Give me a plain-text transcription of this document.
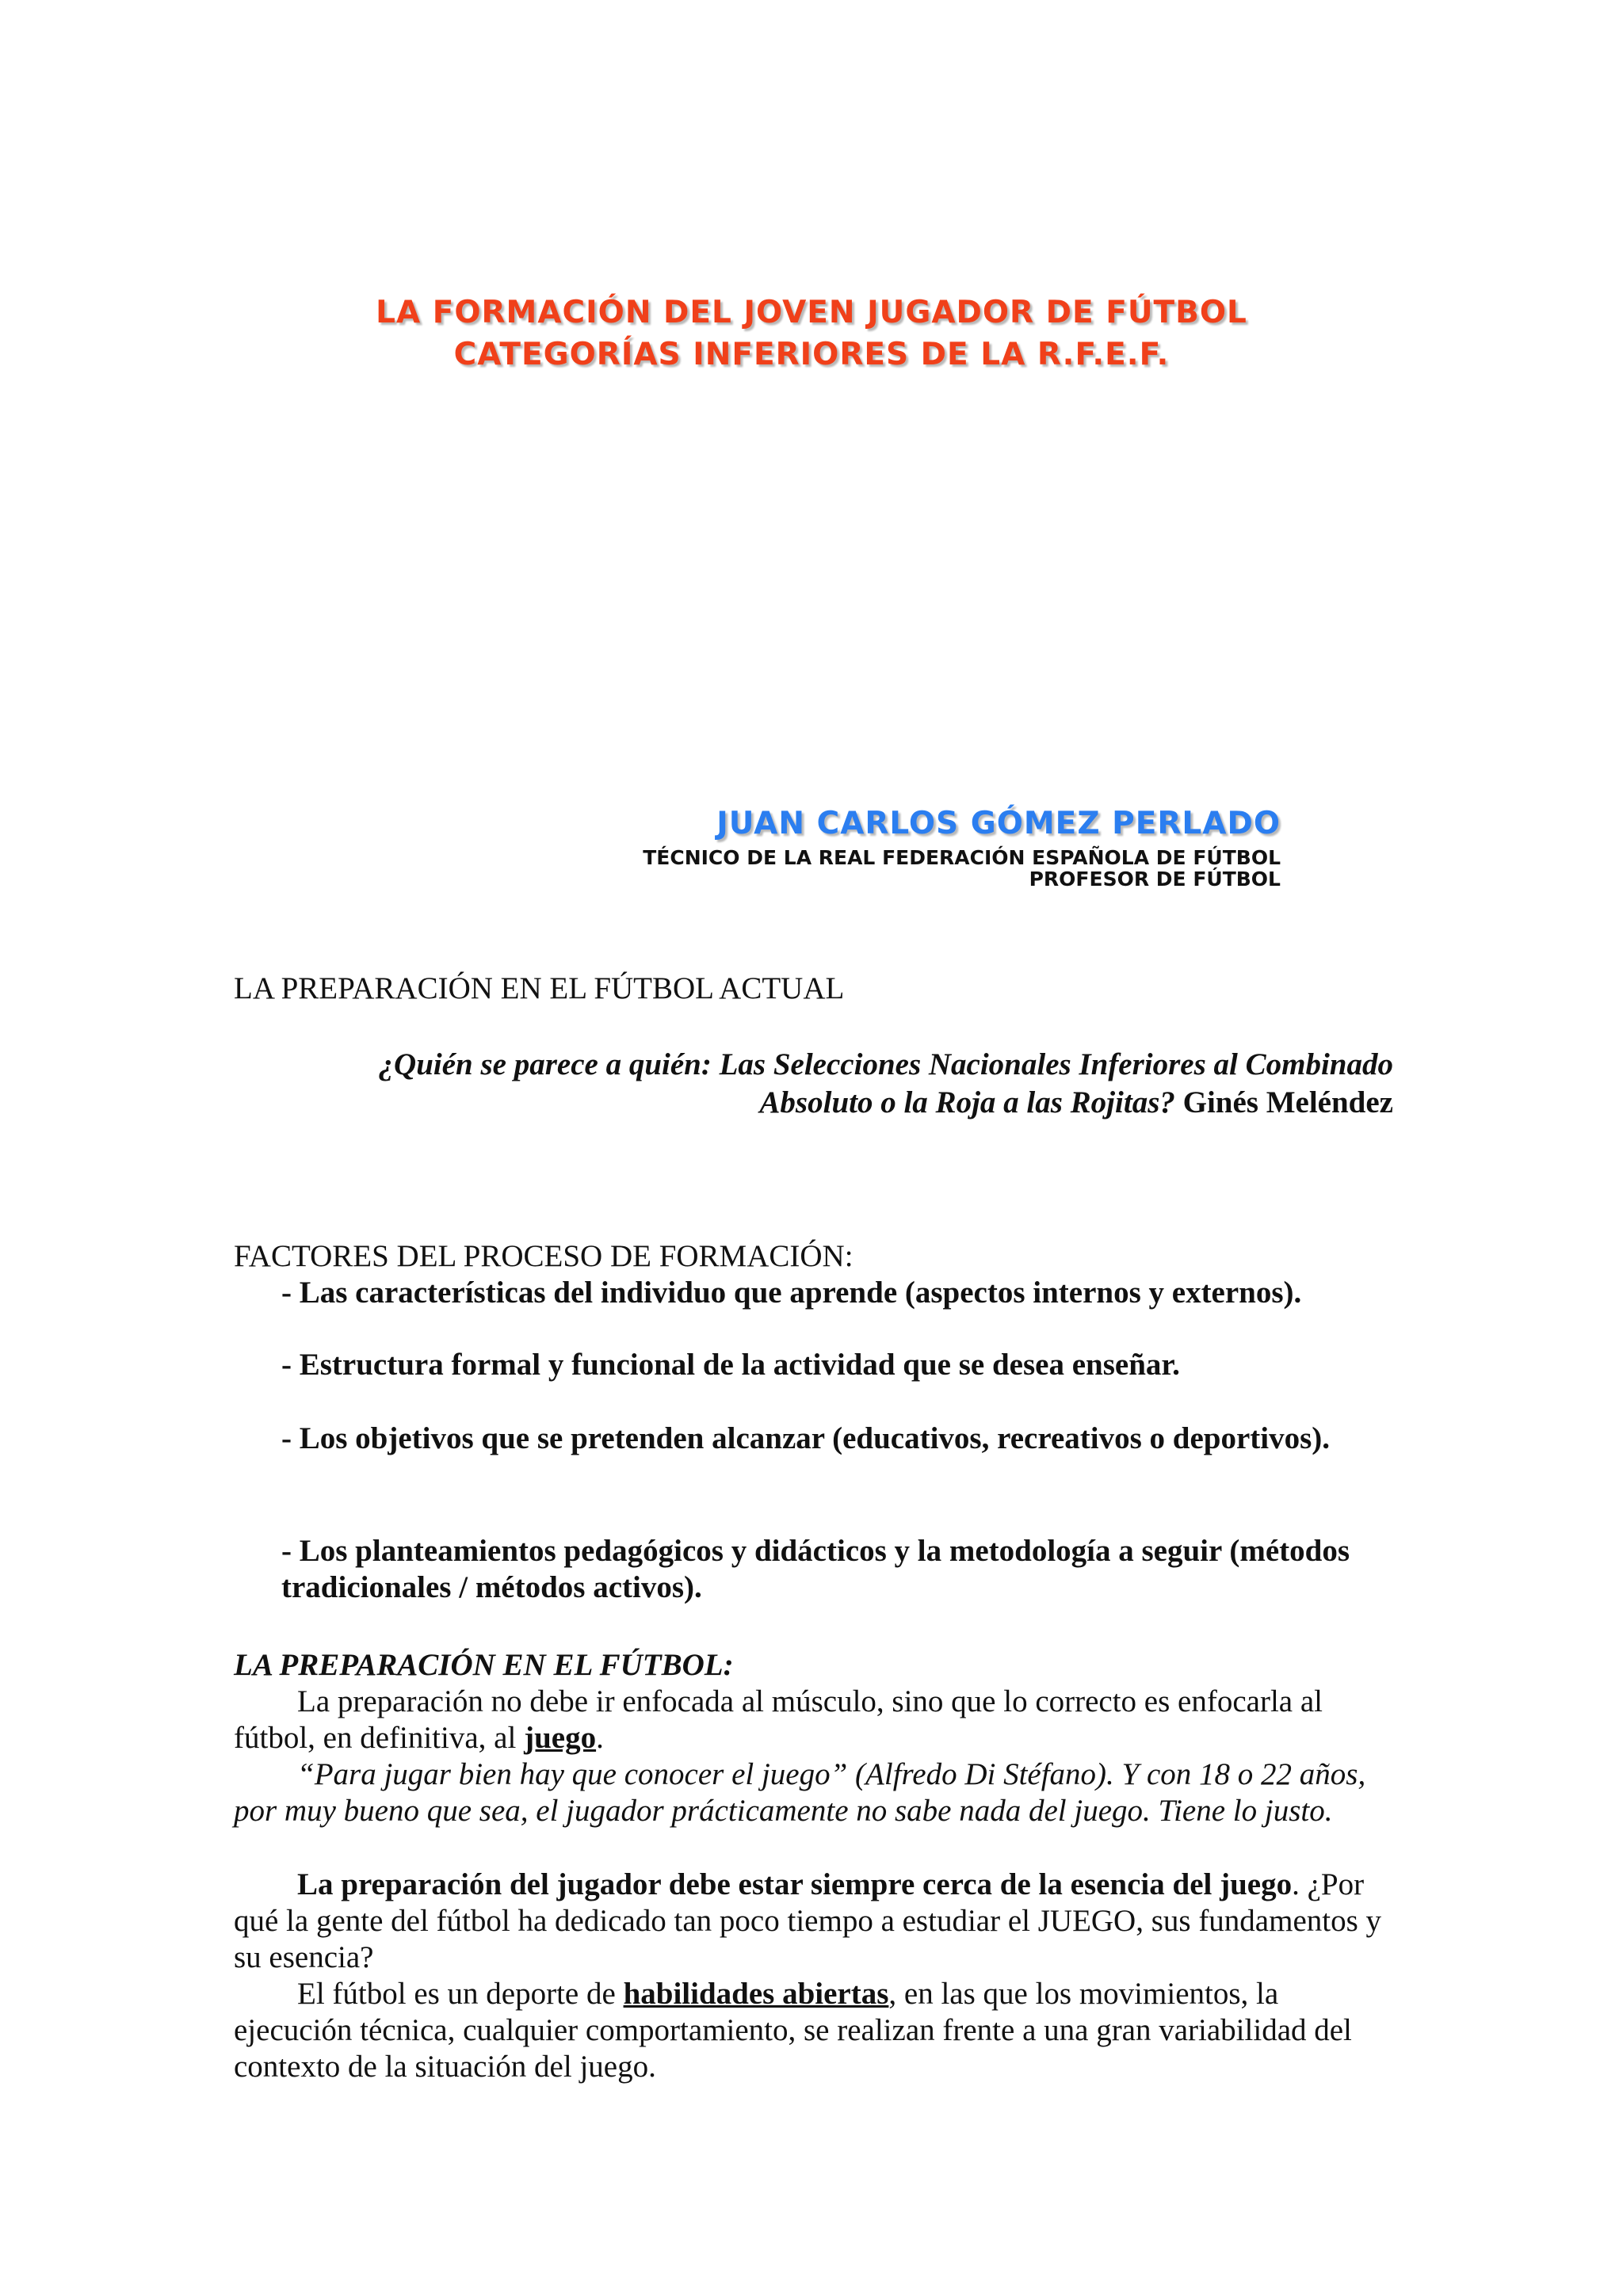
LA FORMACIÓN DEL JOVEN JUGADOR DE FÚTBOL
CATEGORÍAS INFERIORES DE LA R.F.E.F.
JUAN CARLOS GÓMEZ PERLADO
TÉCNICO DE LA REAL FEDERACIÓN ESPAÑOLA DE FÚTBOL
PROFESOR DE FÚTBOL
LA PREPARACIÓN EN EL FÚTBOL ACTUAL
¿Quién se parece a quién: Las Selecciones Nacionales Inferiores al Combinado
Absoluto o la Roja a las Rojitas? Ginés Meléndez
FACTORES DEL PROCESO DE FORMACIÓN:
- Las características del individuo que aprende (aspectos internos y externos).
- Estructura formal y funcional de la actividad que se desea enseñar.
- Los objetivos que se pretenden alcanzar (educativos, recreativos o deportivos).
- Los planteamientos pedagógicos y didácticos y la metodología a seguir (métodos tradicionales / métodos activos).
LA PREPARACIÓN EN EL FÚTBOL:
La preparación no debe ir enfocada al músculo, sino que lo correcto es enfocarla al fútbol, en definitiva, al juego.
“Para jugar bien hay que conocer el juego” (Alfredo Di Stéfano). Y con 18 o 22 años, por muy bueno que sea, el jugador prácticamente no sabe nada del juego. Tiene lo justo.
La preparación del jugador debe estar siempre cerca de la esencia del juego. ¿Por qué la gente del fútbol ha dedicado tan poco tiempo a estudiar el JUEGO, sus fundamentos y su esencia?
El fútbol es un deporte de habilidades abiertas, en las que los movimientos, la ejecución técnica, cualquier comportamiento, se realizan frente a una gran variabilidad del contexto de la situación del juego.
